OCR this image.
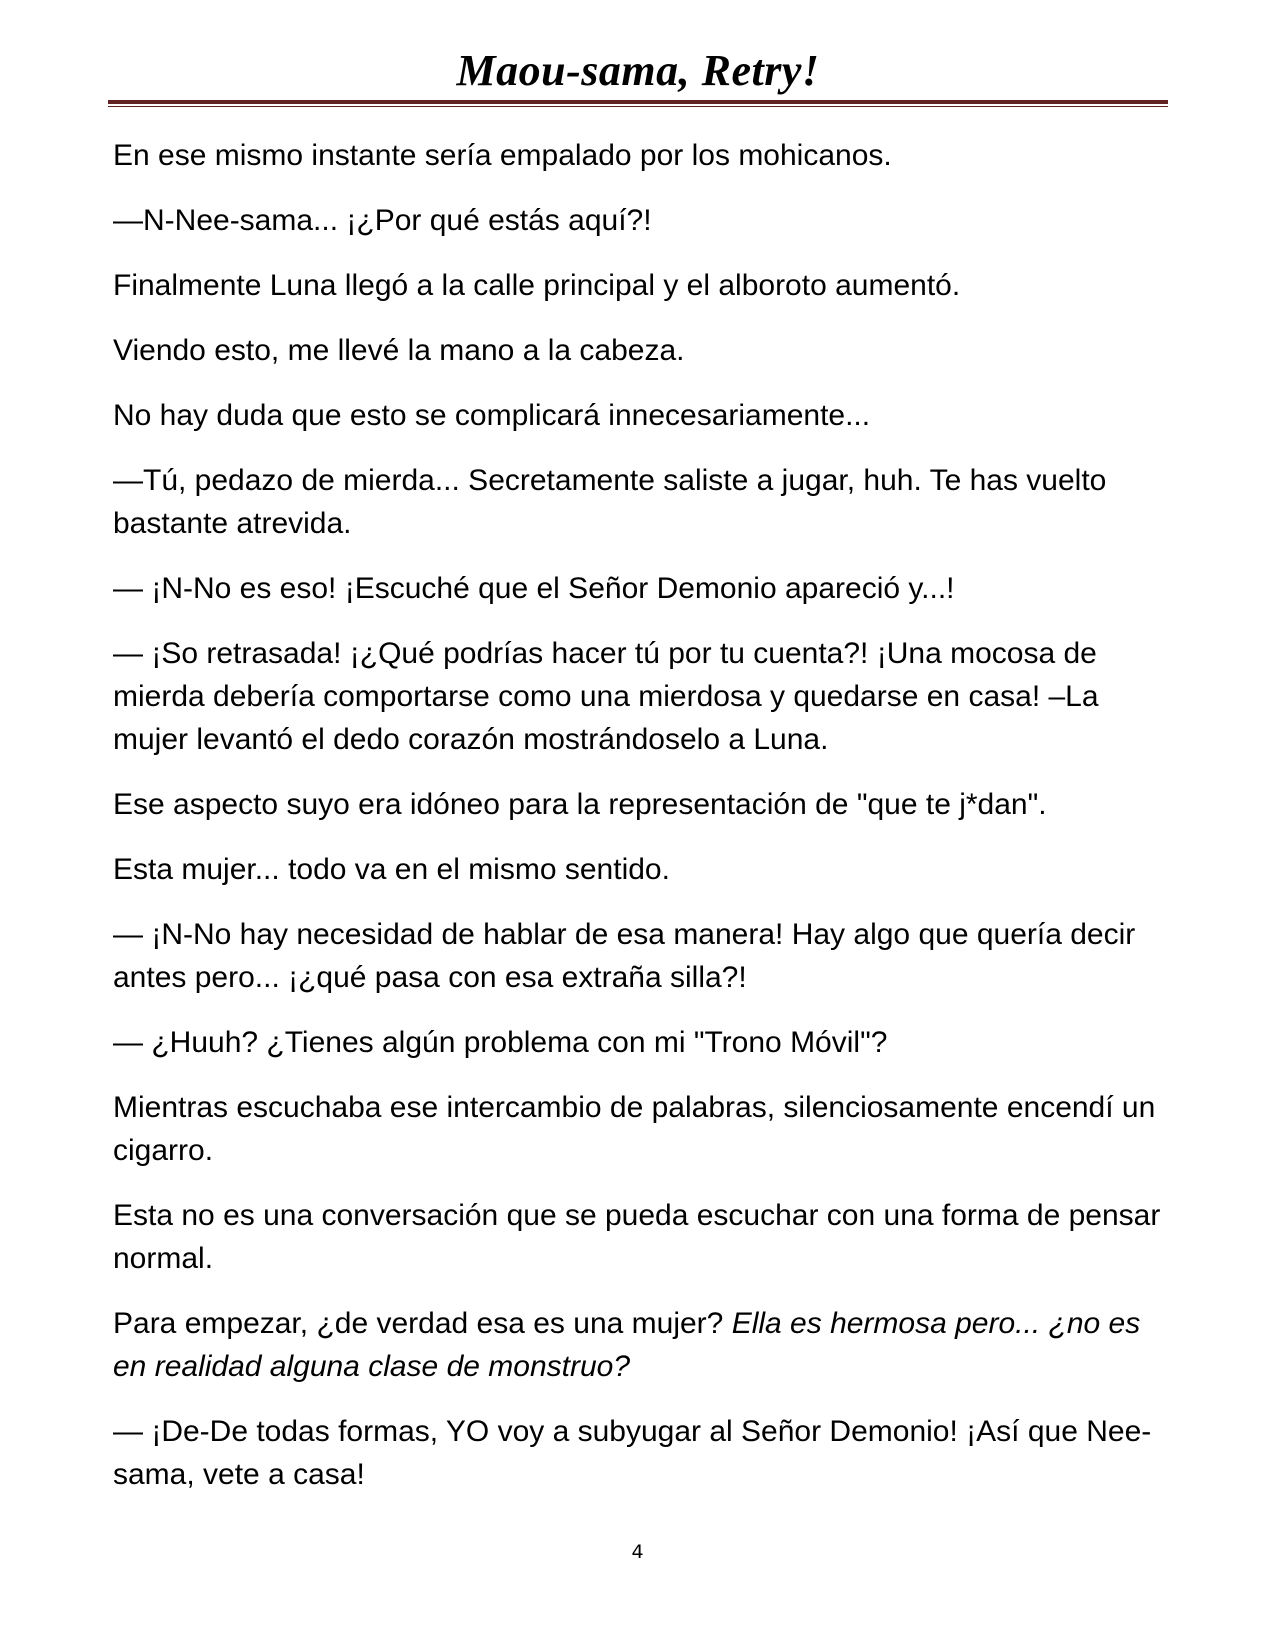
Maou-sama, Retry!

En ese mismo instante sería empalado por los mohicanos.

—N-Nee-sama... ¡¿Por qué estás aquí?!

Finalmente Luna llegó a la calle principal y el alboroto aumentó.

Viendo esto, me llevé la mano a la cabeza.

No hay duda que esto se complicará innecesariamente...

—Tú, pedazo de mierda... Secretamente saliste a jugar, huh. Te has vuelto bastante atrevida.

— ¡N-No es eso! ¡Escuché que el Señor Demonio apareció y...!

— ¡So retrasada! ¡¿Qué podrías hacer tú por tu cuenta?! ¡Una mocosa de mierda debería comportarse como una mierdosa y quedarse en casa! –La mujer levantó el dedo corazón mostrándoselo a Luna.

Ese aspecto suyo era idóneo para la representación de "que te j*dan".

Esta mujer... todo va en el mismo sentido.

— ¡N-No hay necesidad de hablar de esa manera! Hay algo que quería decir antes pero... ¡¿qué pasa con esa extraña silla?!

— ¿Huuh? ¿Tienes algún problema con mi "Trono Móvil"?

Mientras escuchaba ese intercambio de palabras, silenciosamente encendí un cigarro.

Esta no es una conversación que se pueda escuchar con una forma de pensar normal.

Para empezar, ¿de verdad esa es una mujer? Ella es hermosa pero... ¿no es en realidad alguna clase de monstruo?

— ¡De-De todas formas, YO voy a subyugar al Señor Demonio! ¡Así que Nee-sama, vete a casa!

4
